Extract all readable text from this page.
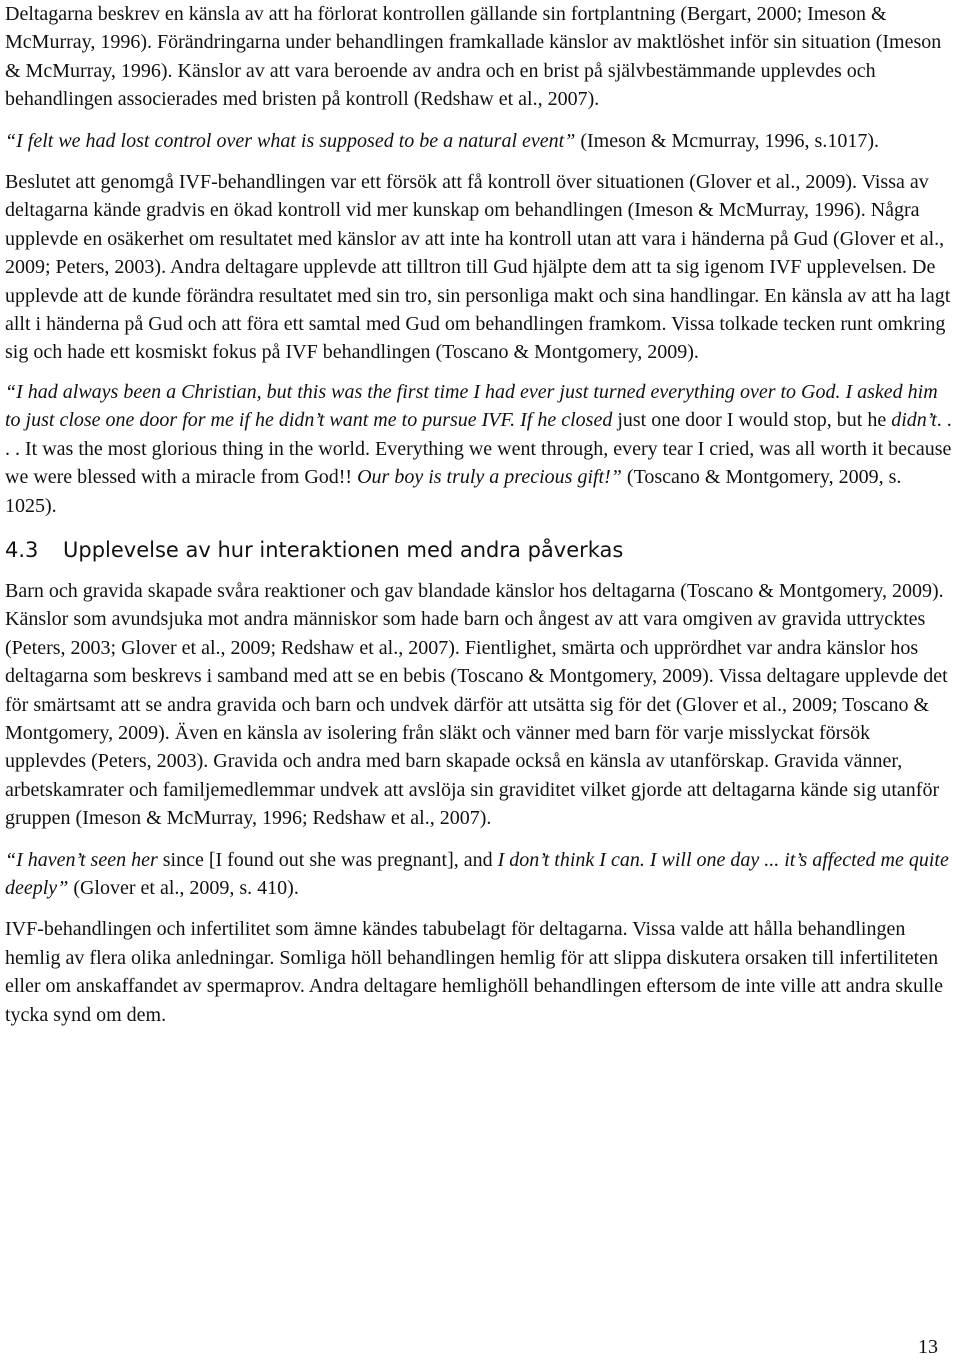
Deltagarna beskrev en känsla av att ha förlorat kontrollen gällande sin fortplantning (Bergart, 2000; Imeson & McMurray, 1996). Förändringarna under behandlingen framkallade känslor av maktlöshet inför sin situation (Imeson & McMurray, 1996). Känslor av att vara beroende av andra och en brist på självbestämmande upplevdes och behandlingen associerades med bristen på kontroll (Redshaw et al., 2007).

“I felt we had lost control over what is supposed to be a natural event” (Imeson & Mcmurray, 1996, s.1017).

Beslutet att genomgå IVF-behandlingen var ett försök att få kontroll över situationen (Glover et al., 2009). Vissa av deltagarna kände gradvis en ökad kontroll vid mer kunskap om behandlingen (Imeson & McMurray, 1996). Några upplevde en osäkerhet om resultatet med känslor av att inte ha kontroll utan att vara i händerna på Gud (Glover et al., 2009; Peters, 2003). Andra deltagare upplevde att tilltron till Gud hjälpte dem att ta sig igenom IVF upplevelsen. De upplevde att de kunde förändra resultatet med sin tro, sin personliga makt och sina handlingar. En känsla av att ha lagt allt i händerna på Gud och att föra ett samtal med Gud om behandlingen framkom. Vissa tolkade tecken runt omkring sig och hade ett kosmiskt fokus på IVF behandlingen (Toscano & Montgomery, 2009).

“I had always been a Christian, but this was the first time I had ever just turned everything over to God. I asked him to just close one door for me if he didn’t want me to pursue IVF. If he closed just one door I would stop, but he didn’t. . . . It was the most glorious thing in the world. Everything we went through, every tear I cried, was all worth it because we were blessed with a miracle from God!! Our boy is truly a precious gift!” (Toscano & Montgomery, 2009, s. 1025).

4.3 Upplevelse av hur interaktionen med andra påverkas

Barn och gravida skapade svåra reaktioner och gav blandade känslor hos deltagarna (Toscano & Montgomery, 2009). Känslor som avundsjuka mot andra människor som hade barn och ångest av att vara omgiven av gravida uttrycktes (Peters, 2003; Glover et al., 2009; Redshaw et al., 2007). Fientlighet, smärta och upprördhet var andra känslor hos deltagarna som beskrevs i samband med att se en bebis (Toscano & Montgomery, 2009). Vissa deltagare upplevde det för smärtsamt att se andra gravida och barn och undvek därför att utsätta sig för det (Glover et al., 2009; Toscano & Montgomery, 2009). Även en känsla av isolering från släkt och vänner med barn för varje misslyckat försök upplevdes (Peters, 2003). Gravida och andra med barn skapade också en känsla av utanförskap. Gravida vänner, arbetskamrater och familjemedlemmar undvek att avslöja sin graviditet vilket gjorde att deltagarna kände sig utanför gruppen (Imeson & McMurray, 1996; Redshaw et al., 2007).

“I haven’t seen her since [I found out she was pregnant], and I don’t think I can. I will one day ... it’s affected me quite deeply” (Glover et al., 2009, s. 410).

IVF-behandlingen och infertilitet som ämne kändes tabubelagt för deltagarna. Vissa valde att hålla behandlingen hemlig av flera olika anledningar. Somliga höll behandlingen hemlig för att slippa diskutera orsaken till infertiliteten eller om anskaffandet av spermaprov. Andra deltagare hemlighöll behandlingen eftersom de inte ville att andra skulle tycka synd om dem.

13
